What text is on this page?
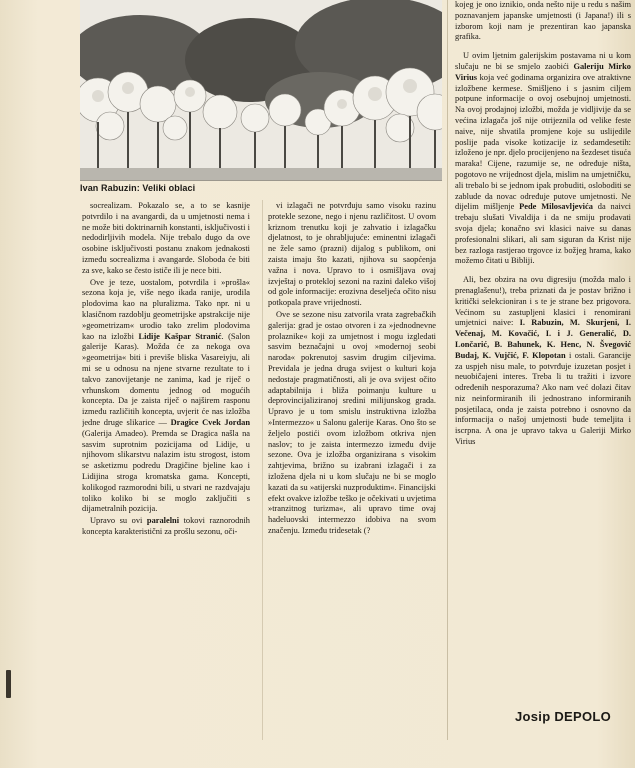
Ivan Rabuzin: Veliki oblaci

socrealizam. Pokazalo se, a to se kasnije potvrdilo i na avangardi, da u umjetnosti nema i ne može biti doktrinarnih konstanti, isključivosti i nedodirljivih modela. Nije trebalo dugo da ove osobine isključivosti postanu znakom jednakosti između socrealizma i avangarde. Sloboda će biti za sve, kako se često ističe ili je nece biti.

Ove je teze, uostalom, potvrdila i »prošla« sezona koja je, više nego ikada ranije, urodila plodovima kao na pluralizma. Tako npr. ni u klasičnom razdoblju geometrijske apstrakcije nije »geometrizam« urodio tako zrelim plodovima kao na izložbi Lidije Kašpar Stranić. (Salon galerije Karas). Možda će za nekoga ova »geometrija« biti i previše bliska Vasareiyju, ali mi se u odnosu na njene stvarne rezultate to i takvo zanovijetanje ne zanima, kad je riječ o vrhunskom domentu jednog od mogućih koncepta. Da je zaista riječ o najširem rasponu između različitih koncepta, uvjerit će nas izložba jedne druge slikarice — Dragice Cvek Jordan (Galerija Amadeo). Premda se Dragica našla na sasvim suprotnim pozicijama od Lidije, u njihovom slikarstvu nalazim istu strogost, istom se asketizmu podredu Dragičine bjeline kao i Lidijina stroga kromatska gama. Koncepti, kolikogod razmorodni bili, u stvari ne razdvajaju toliko koliko bi se moglo zaključiti s dijametralnih pozicija.

Upravo su ovi paralelni tokovi raznorodnih koncepta karakteristični za prošlu sezonu, oči-

vi izlagači ne potvrđuju samo visoku razinu protekle sezone, nego i njenu različitost. U ovom kriznom trenutku koji je zahvatio i izlagačku djelatnost, to je ohrabljujuće: eminentni izlagači ne žele samo (prazni) dijalog s publikom, oni zaista imaju što kazati, njihova su saopćenja važna i nova. Upravo to i osmišljava ovaj izvještaj o protekloj sezoni na razini daleko višoj od gole informacije: erozivna deseljeća očito nisu potkopala prave vrijednosti.

Ove se sezone nisu zatvorila vrata zagrebačkih galerija: grad je ostao otvoren i za »jednodnevne prolaznike« koji za umjetnost i mogu izgledati sasvim beznačajni u ovoj »modernoj seobi naroda« pokrenutoj sasvim drugim ciljevima. Previdala je jedna druga svijest o kulturi koja nedostaje pragmatičnosti, ali je ova svijest očito adaptabilnija i bliža poimanju kulture u deprovincijaliziranoj sredini milijunskog grada. Upravo je u tom smislu instruktivna izložba »Intermezzo« u Salonu galerije Karas. Ono što se željelo postići ovom izložbom otkriva njen naslov; to je zaista intermezzo između dvije sezone. Ova je izložba organizirana s visokim zahtjevima, brižno su izabrani izlagači i za izložena djela ni u kom slučaju ne bi se moglo kazati da su »atijerski nuzproduktim«. Financijski efekt ovakve izložbe teško je očekivati u uvjetima »tranzitnog turizma«, ali upravo time ovaj hadeluovski intermezzo idobiva na svom značenju. Između tridesetak (?

kojeg je ono iznikio, onda nešto nije u redu s našim poznavanjem japanske umjetnosti (i Japana!) ili s izborom koji nam je prezentiran kao japanska grafika.

U ovim ljetnim galerijskim postavama ni u kom slučaju ne bi se smjelo zaobići Galeriju Mirko Virius koja već godinama organizira ove atraktivne izložbene kermese. Smišljeno i s jasnim ciljem potpune informacije o ovoj osebujnoj umjetnosti. Na ovoj prodajnoj izložbi, možda je vidljivije da se većina izlagača još nije otrijeznila od velike feste naive, nije shvatila promjene koje su uslijedile poslije pada visoke kotizacije iz sedamdesetih: izloženo je npr. djelo procijenjeno na šezdeset tisuća maraka! Cijene, razumije se, ne određuje ništa, pogotovo ne vrijednost djela, mislim na umjetničku, ali trebalo bi se jednom ipak probuditi, osloboditi se zablude da novac određuje putove umjetnosti. Ne dijelim mišljenje Pede Milosavljevića da naivci trebaju slušati Vivaldija i da ne smiju prodavati svoja djela; konačno svi klasici naive su danas profesionalni slikari, ali sam siguran da Krist nije bez razloga rastjerao trgovce iz božjeg hrama, kako možemo čitati u Bibliji.

Ali, bez obzira na ovu digresiju (možda malo i prenaglašenu!), treba priznati da je postav brižno i kritički selekcioniran i s te je strane bez prigovora. Većinom su zastupljeni klasici i renomirani umjetnici naive: I. Rabuzin, M. Skurjeni, I. Večenaj, M. Kovačić, I. i J. Generalić, D. Lončarić, B. Bahunek, K. Henc, N. Švegović Budaj, K. Vujčić, F. Klopotan i ostali. Garancije za uspjeh nisu male, to potvrđuje izuzetan posjet i neuobičajeni interes. Treba li tu tražiti i izvore određenih nesporazuma? Ako nam već dolazi čitav niz neinformiranih ili jednostrano informiranih posjetilaca, onda je zaista potrebno i osnovno da informacija o našoj umjetnosti bude temeljita i iscrpna. A ona je upravo takva u Galeriji Mirko Virius

Josip DEPOLO
